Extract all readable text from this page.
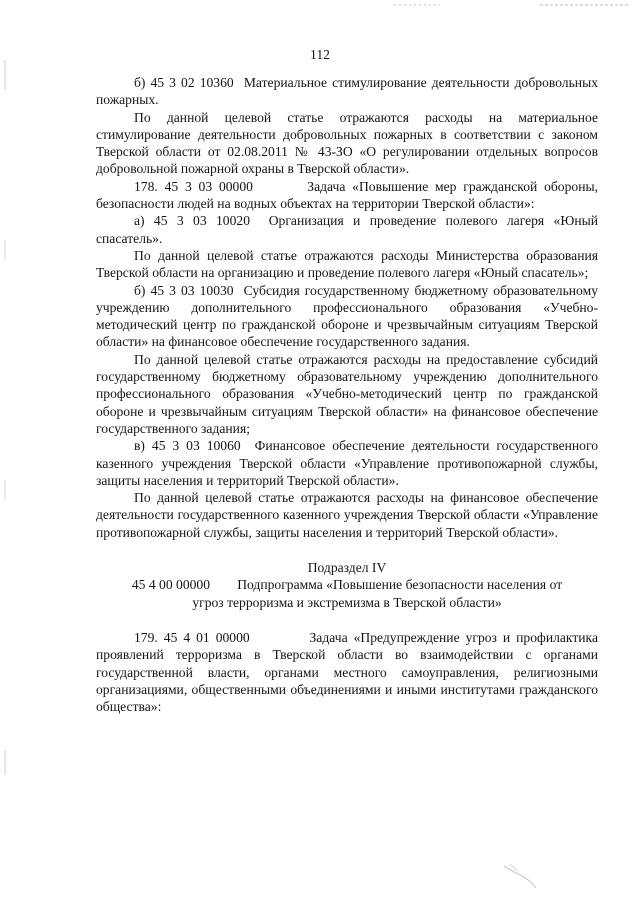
112

б) 45 3 02 10360  Материальное стимулирование деятельности добровольных пожарных.

По данной целевой статье отражаются расходы на материальное стимулирование деятельности добровольных пожарных в соответствии с законом Тверской области от 02.08.2011 № 43-ЗО «О регулировании отдельных вопросов добровольной пожарной охраны в Тверской области».

178. 45 3 03 00000        Задача «Повышение мер гражданской обороны, безопасности людей на водных объектах на территории Тверской области»:

а) 45 3 03 10020  Организация и проведение полевого лагеря «Юный спасатель».

По данной целевой статье отражаются расходы Министерства образования Тверской области на организацию и проведение полевого лагеря «Юный спасатель»;

б) 45 3 03 10030  Субсидия государственному бюджетному образовательному учреждению дополнительного профессионального образования «Учебно-методический центр по гражданской обороне и чрезвычайным ситуациям Тверской области» на финансовое обеспечение государственного задания.

По данной целевой статье отражаются расходы на предоставление субсидий государственному бюджетному образовательному учреждению дополнительного профессионального образования «Учебно-методический центр по гражданской обороне и чрезвычайным ситуациям Тверской области» на финансовое обеспечение государственного задания;

в) 45 3 03 10060  Финансовое обеспечение деятельности государственного казенного учреждения Тверской области «Управление противопожарной службы, защиты населения и территорий Тверской области».

По данной целевой статье отражаются расходы на финансовое обеспечение деятельности государственного казенного учреждения Тверской области «Управление противопожарной службы, защиты населения и территорий Тверской области».

Подраздел IV
45 4 00 00000        Подпрограмма «Повышение безопасности населения от
угроз терроризма и экстремизма в Тверской области»

179. 45 4 01 00000          Задача «Предупреждение угроз и профилактика проявлений терроризма в Тверской области во взаимодействии с органами государственной власти, органами местного самоуправления, религиозными организациями, общественными объединениями и иными институтами гражданского общества»:
